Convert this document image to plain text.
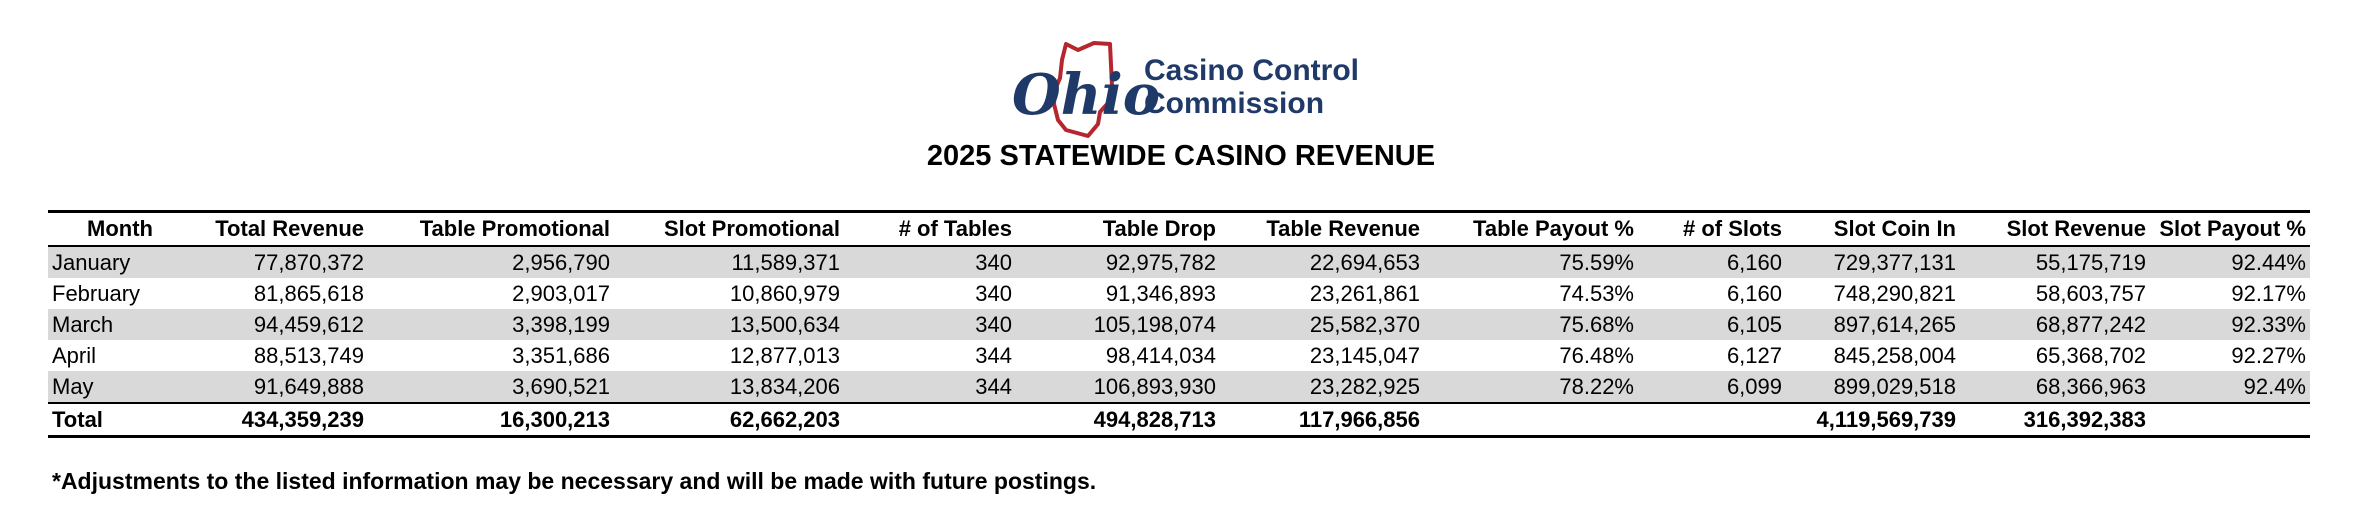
Ohio
Casino Control
Commission
2025 STATEWIDE CASINO REVENUE
Month	Total Revenue	Table Promotional	Slot Promotional	# of Tables	Table Drop	Table Revenue	Table Payout %	# of Slots	Slot Coin In	Slot Revenue	Slot Payout %
January	77,870,372	2,956,790	11,589,371	340	92,975,782	22,694,653	75.59%	6,160	729,377,131	55,175,719	92.44%
February	81,865,618	2,903,017	10,860,979	340	91,346,893	23,261,861	74.53%	6,160	748,290,821	58,603,757	92.17%
March	94,459,612	3,398,199	13,500,634	340	105,198,074	25,582,370	75.68%	6,105	897,614,265	68,877,242	92.33%
April	88,513,749	3,351,686	12,877,013	344	98,414,034	23,145,047	76.48%	6,127	845,258,004	65,368,702	92.27%
May	91,649,888	3,690,521	13,834,206	344	106,893,930	23,282,925	78.22%	6,099	899,029,518	68,366,963	92.4%
Total	434,359,239	16,300,213	62,662,203		494,828,713	117,966,856			4,119,569,739	316,392,383	
*Adjustments to the listed information may be necessary and will be made with future postings.
